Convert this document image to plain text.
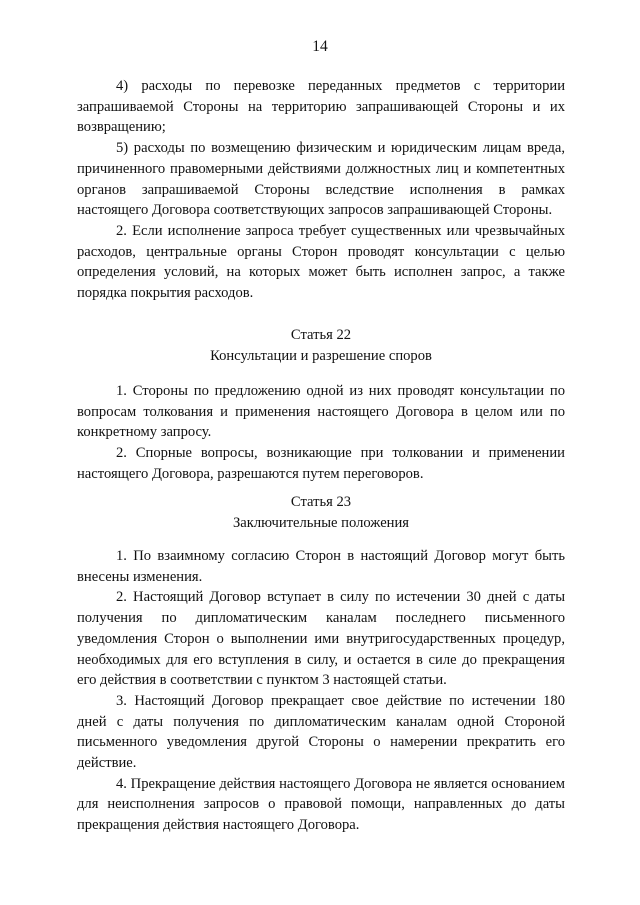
14

4) расходы по перевозке переданных предметов с территории запрашиваемой Стороны на территорию запрашивающей Стороны и их возвращению;

5) расходы по возмещению физическим и юридическим лицам вреда, причиненного правомерными действиями должностных лиц и компетентных органов запрашиваемой Стороны вследствие исполнения в рамках настоящего Договора соответствующих запросов запрашивающей Стороны.

2. Если исполнение запроса требует существенных или чрезвычайных расходов, центральные органы Сторон проводят консультации с целью определения условий, на которых может быть исполнен запрос, а также порядка покрытия расходов.

Статья 22
Консультации и разрешение споров

1. Стороны по предложению одной из них проводят консультации по вопросам толкования и применения настоящего Договора в целом или по конкретному запросу.

2. Спорные вопросы, возникающие при толковании и применении настоящего Договора, разрешаются путем переговоров.

Статья 23
Заключительные положения

1. По взаимному согласию Сторон в настоящий Договор могут быть внесены изменения.

2. Настоящий Договор вступает в силу по истечении 30 дней с даты получения по дипломатическим каналам последнего письменного уведомления Сторон о выполнении ими внутригосударственных процедур, необходимых для его вступления в силу, и остается в силе до прекращения его действия в соответствии с пунктом 3 настоящей статьи.

3. Настоящий Договор прекращает свое действие по истечении 180 дней с даты получения по дипломатическим каналам одной Стороной письменного уведомления другой Стороны о намерении прекратить его действие.

4. Прекращение действия настоящего Договора не является основанием для неисполнения запросов о правовой помощи, направленных до даты прекращения действия настоящего Договора.
